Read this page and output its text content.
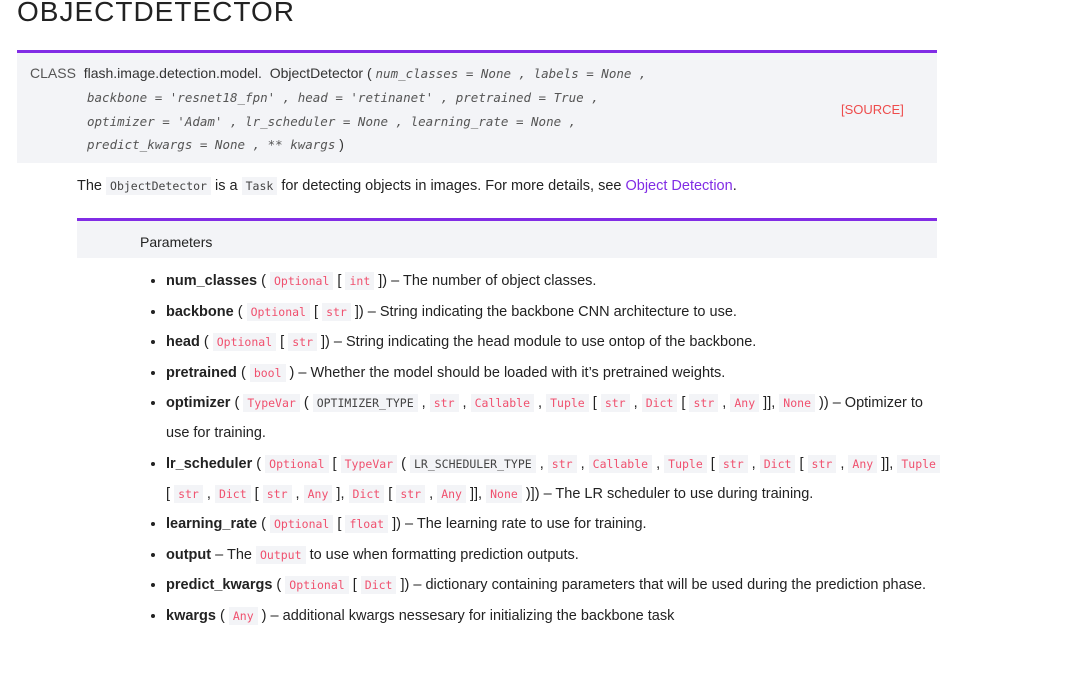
OBJECTDETECTOR
CLASS flash.image.detection.model. ObjectDetector ( num_classes = None , labels = None ,
backbone = 'resnet18_fpn' , head = 'retinanet' , pretrained = True ,
optimizer = 'Adam' , lr_scheduler = None , learning_rate = None ,
predict_kwargs = None , ** kwargs )
[SOURCE]
The ObjectDetector is a Task for detecting objects in images. For more details, see Object Detection.
Parameters
• num_classes ( Optional [ int ]) – The number of object classes.
• backbone ( Optional [ str ]) – String indicating the backbone CNN architecture to use.
• head ( Optional [ str ]) – String indicating the head module to use ontop of the backbone.
• pretrained ( bool ) – Whether the model should be loaded with it’s pretrained weights.
• optimizer ( TypeVar ( OPTIMIZER_TYPE , str , Callable , Tuple [ str , Dict [ str , Any ]], None )) – Optimizer to use for training.
• lr_scheduler ( Optional [ TypeVar ( LR_SCHEDULER_TYPE , str , Callable , Tuple [ str , Dict [ str , Any ]], Tuple [ str , Dict [ str , Any ], Dict [ str , Any ]], None )]) – The LR scheduler to use during training.
• learning_rate ( Optional [ float ]) – The learning rate to use for training.
• output – The Output to use when formatting prediction outputs.
• predict_kwargs ( Optional [ Dict ]) – dictionary containing parameters that will be used during the prediction phase.
• kwargs ( Any ) – additional kwargs nessesary for initializing the backbone task
